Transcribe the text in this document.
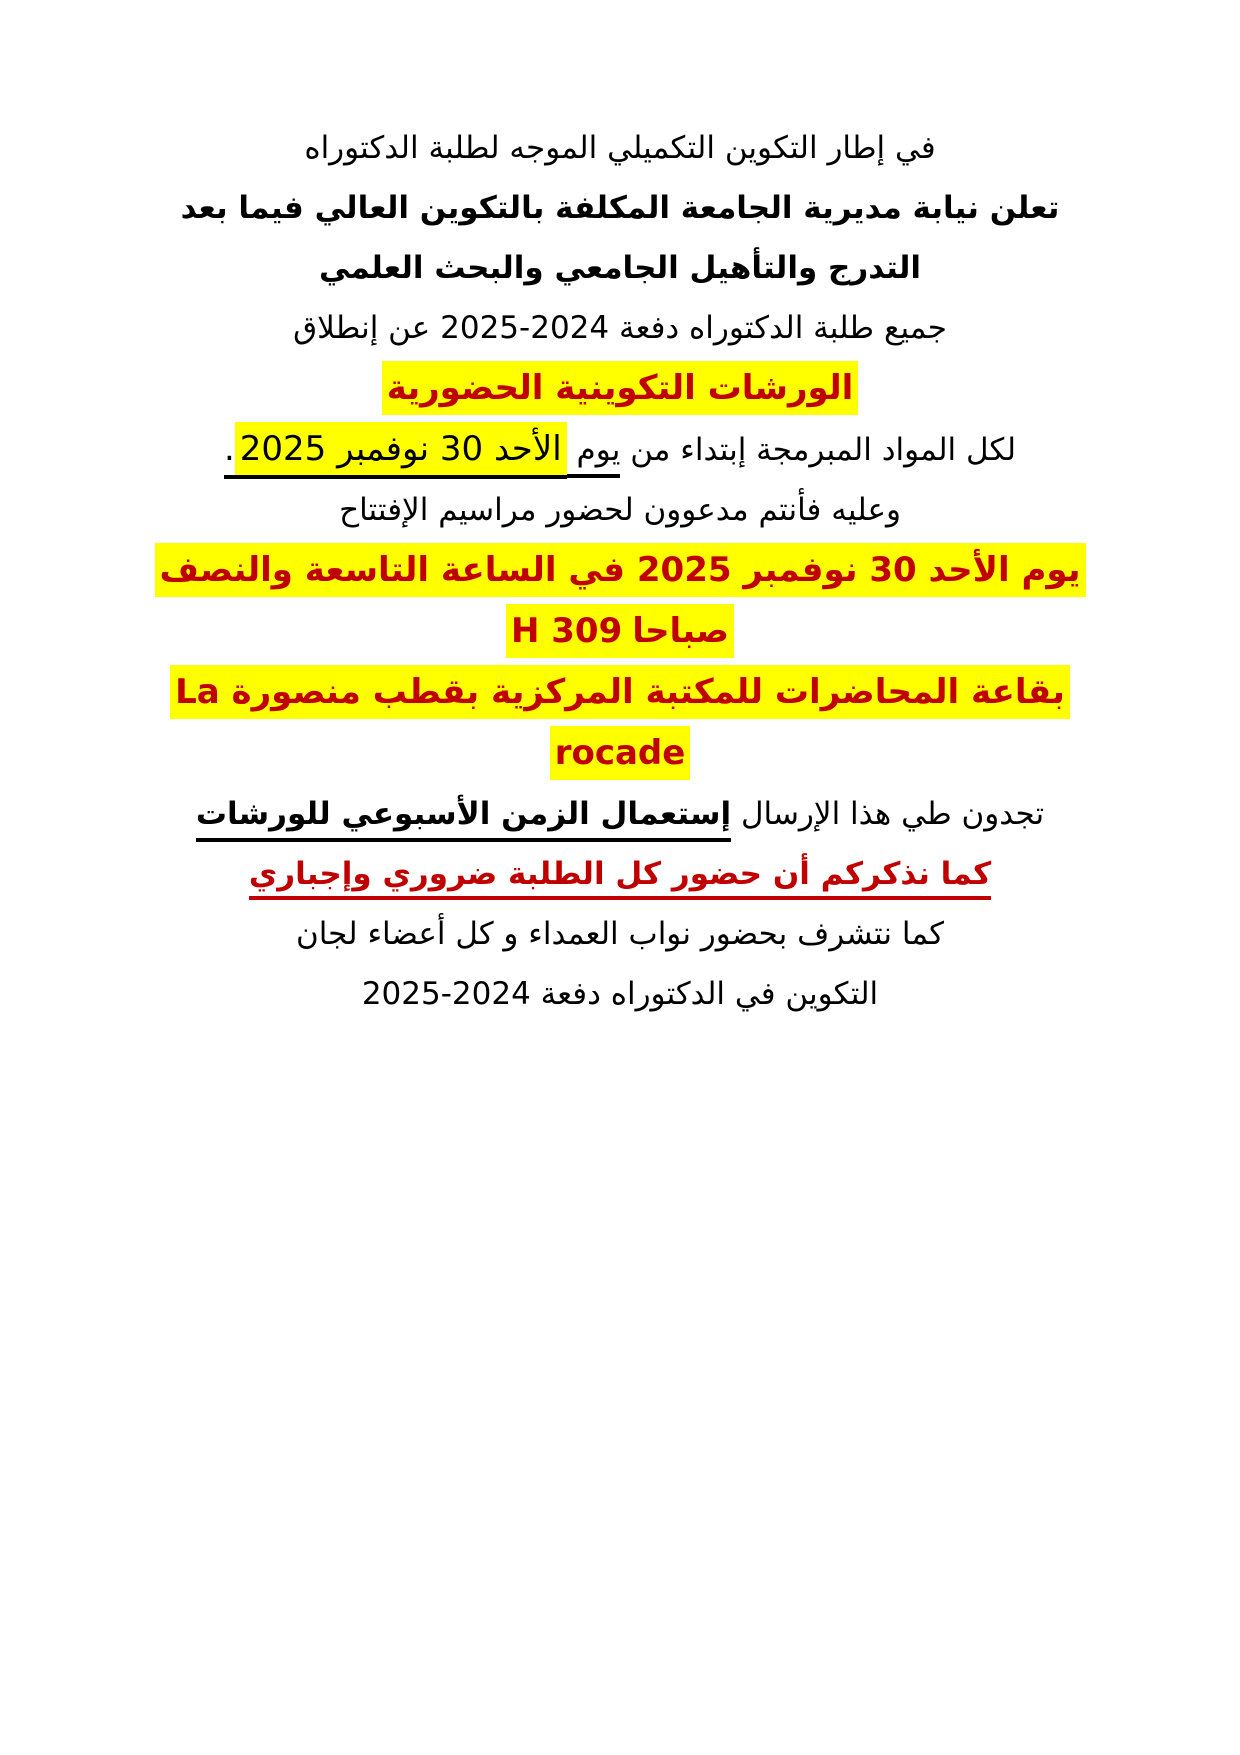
في إطار التكوين التكميلي الموجه لطلبة الدكتوراه

تعلن نيابة مديرية الجامعة المكلفة بالتكوين العالي فيما بعد

التدرج والتأهيل الجامعي والبحث العلمي

جميع طلبة الدكتوراه دفعة 2024-2025 عن إنطلاق

الورشات التكوينية الحضورية

لكل المواد المبرمجة إبتداء من يوم الأحد 30 نوفمبر 2025.

وعليه فأنتم مدعوون لحضور مراسيم الإفتتاح

يوم الأحد 30 نوفمبر 2025 في الساعة التاسعة والنصف

صباحاH 309

بقاعة المحاضرات للمكتبة المركزية بقطب منصورة La

rocade

تجدون طي هذا الإرسال إستعمال الزمن الأسبوعي للورشات

كما نذكركم أن حضور كل الطلبة ضروري وإجباري

كما نتشرف بحضور نواب العمداء و كل أعضاء لجان

التكوين في الدكتوراه دفعة 2024-2025
